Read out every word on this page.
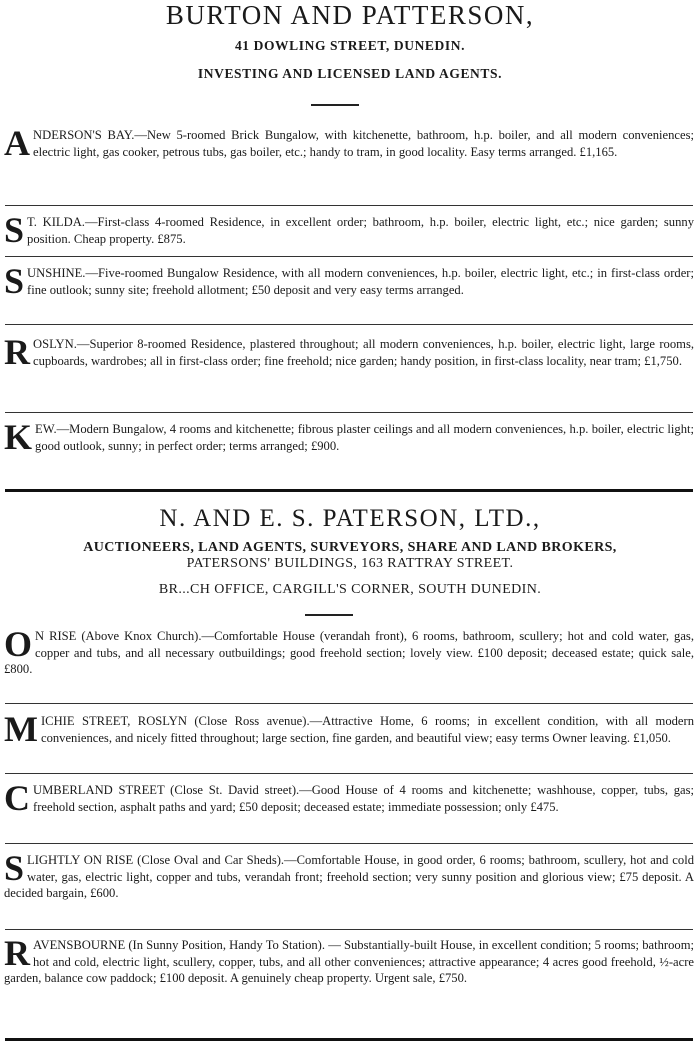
BURTON AND PATTERSON,
41 DOWLING STREET, DUNEDIN.
INVESTING AND LICENSED LAND AGENTS.
A NDERSON'S BAY.—New 5-roomed Brick Bungalow, with kitchenette, bathroom, h.p. boiler, and all modern conveniences; electric light, gas cooker, petrous tubs, gas boiler, etc.; handy to tram, in good locality. Easy terms arranged. £1,165.
S T. KILDA.—First-class 4-roomed Residence, in excellent order; bathroom, h.p. boiler, electric light, etc.; nice garden; sunny position. Cheap property. £875.
S UNSHINE.—Five-roomed Bungalow Residence, with all modern conveniences, h.p. boiler, electric light, etc.; in first-class order; fine outlook; sunny site; freehold allotment; £50 deposit and very easy terms arranged.
R OSLYN.—Superior 8-roomed Residence, plastered throughout; all modern conveniences, h.p. boiler, electric light, large rooms, cupboards, wardrobes; all in first-class order; fine freehold; nice garden; handy position, in first-class locality, near tram; £1,750.
K EW.—Modern Bungalow, 4 rooms and kitchenette; fibrous plaster ceilings and all modern conveniences, h.p. boiler, electric light; good outlook, sunny; in perfect order; terms arranged; £900.
N. AND E. S. PATERSON, LTD.,
AUCTIONEERS, LAND AGENTS, SURVEYORS, SHARE AND LAND BROKERS,
PATERSONS' BUILDINGS, 163 RATTRAY STREET.
BR...CH OFFICE, CARGILL'S CORNER, SOUTH DUNEDIN.
O N RISE (Above Knox Church).—Comfortable House (verandah front), 6 rooms, bathroom, scullery; hot and cold water, gas, copper and tubs, and all necessary outbuildings; good freehold section; lovely view. £100 deposit; deceased estate; quick sale, £800.
M ICHIE STREET, ROSLYN (Close Ross avenue).—Attractive Home, 6 rooms; in excellent condition, with all modern conveniences, and nicely fitted throughout; large section, fine garden, and beautiful view; easy terms Owner leaving. £1,050.
C UMBERLAND STREET (Close St. David street).—Good House of 4 rooms and kitchenette; washhouse, copper, tubs, gas; freehold section, asphalt paths and yard; £50 deposit; deceased estate; immediate possession; only £475.
S LIGHTLY ON RISE (Close Oval and Car Sheds).—Comfortable House, in good order, 6 rooms; bathroom, scullery, hot and cold water, gas, electric light, copper and tubs, verandah front; freehold section; very sunny position and glorious view; £75 deposit. A decided bargain, £600.
R AVENSBOURNE (In Sunny Position, Handy To Station). — Substantially-built House, in excellent condition; 5 rooms; bathroom; hot and cold, electric light, scullery, copper, tubs, and all other conveniences; attractive appearance; 4 acres good freehold, ½-acre garden, balance cow paddock; £100 deposit. A genuinely cheap property. Urgent sale, £750.
